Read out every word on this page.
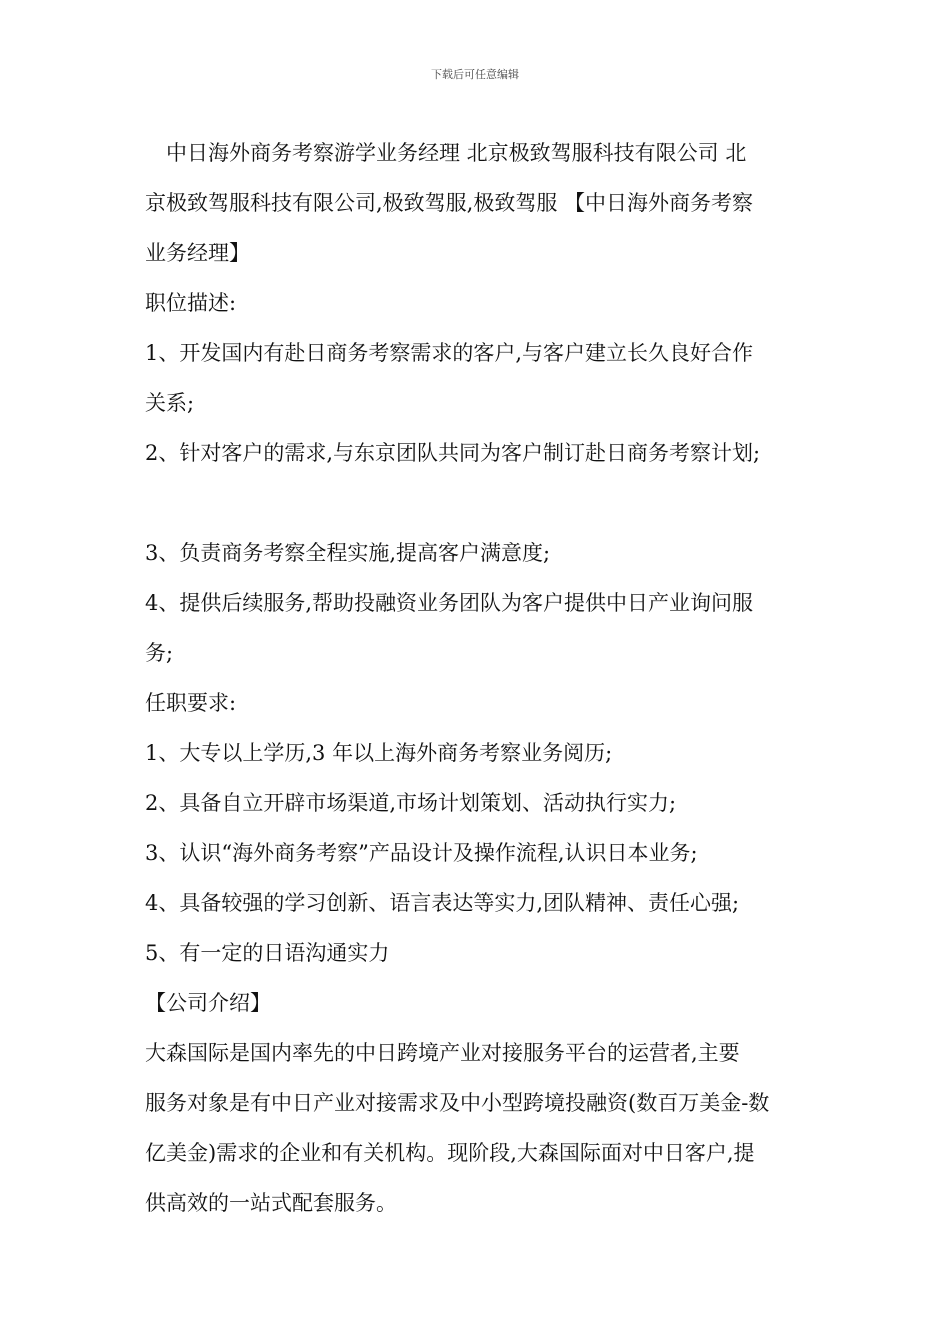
下载后可任意编辑

　中日海外商务考察游学业务经理 北京极致驾服科技有限公司 北

京极致驾服科技有限公司,极致驾服,极致驾服 【中日海外商务考察

业务经理】

职位描述:

1、开发国内有赴日商务考察需求的客户,与客户建立长久良好合作

关系;

2、针对客户的需求,与东京团队共同为客户制订赴日商务考察计划;

3、负责商务考察全程实施,提高客户满意度;

4、提供后续服务,帮助投融资业务团队为客户提供中日产业询问服

务;

任职要求:

1、大专以上学历,3 年以上海外商务考察业务阅历;

2、具备自立开辟市场渠道,市场计划策划、活动执行实力;

3、认识“海外商务考察”产品设计及操作流程,认识日本业务;

4、具备较强的学习创新、语言表达等实力,团队精神、责任心强;

5、有一定的日语沟通实力

【公司介绍】

大森国际是国内率先的中日跨境产业对接服务平台的运营者,主要

服务对象是有中日产业对接需求及中小型跨境投融资(数百万美金-数

亿美金)需求的企业和有关机构。现阶段,大森国际面对中日客户,提

供高效的一站式配套服务。
